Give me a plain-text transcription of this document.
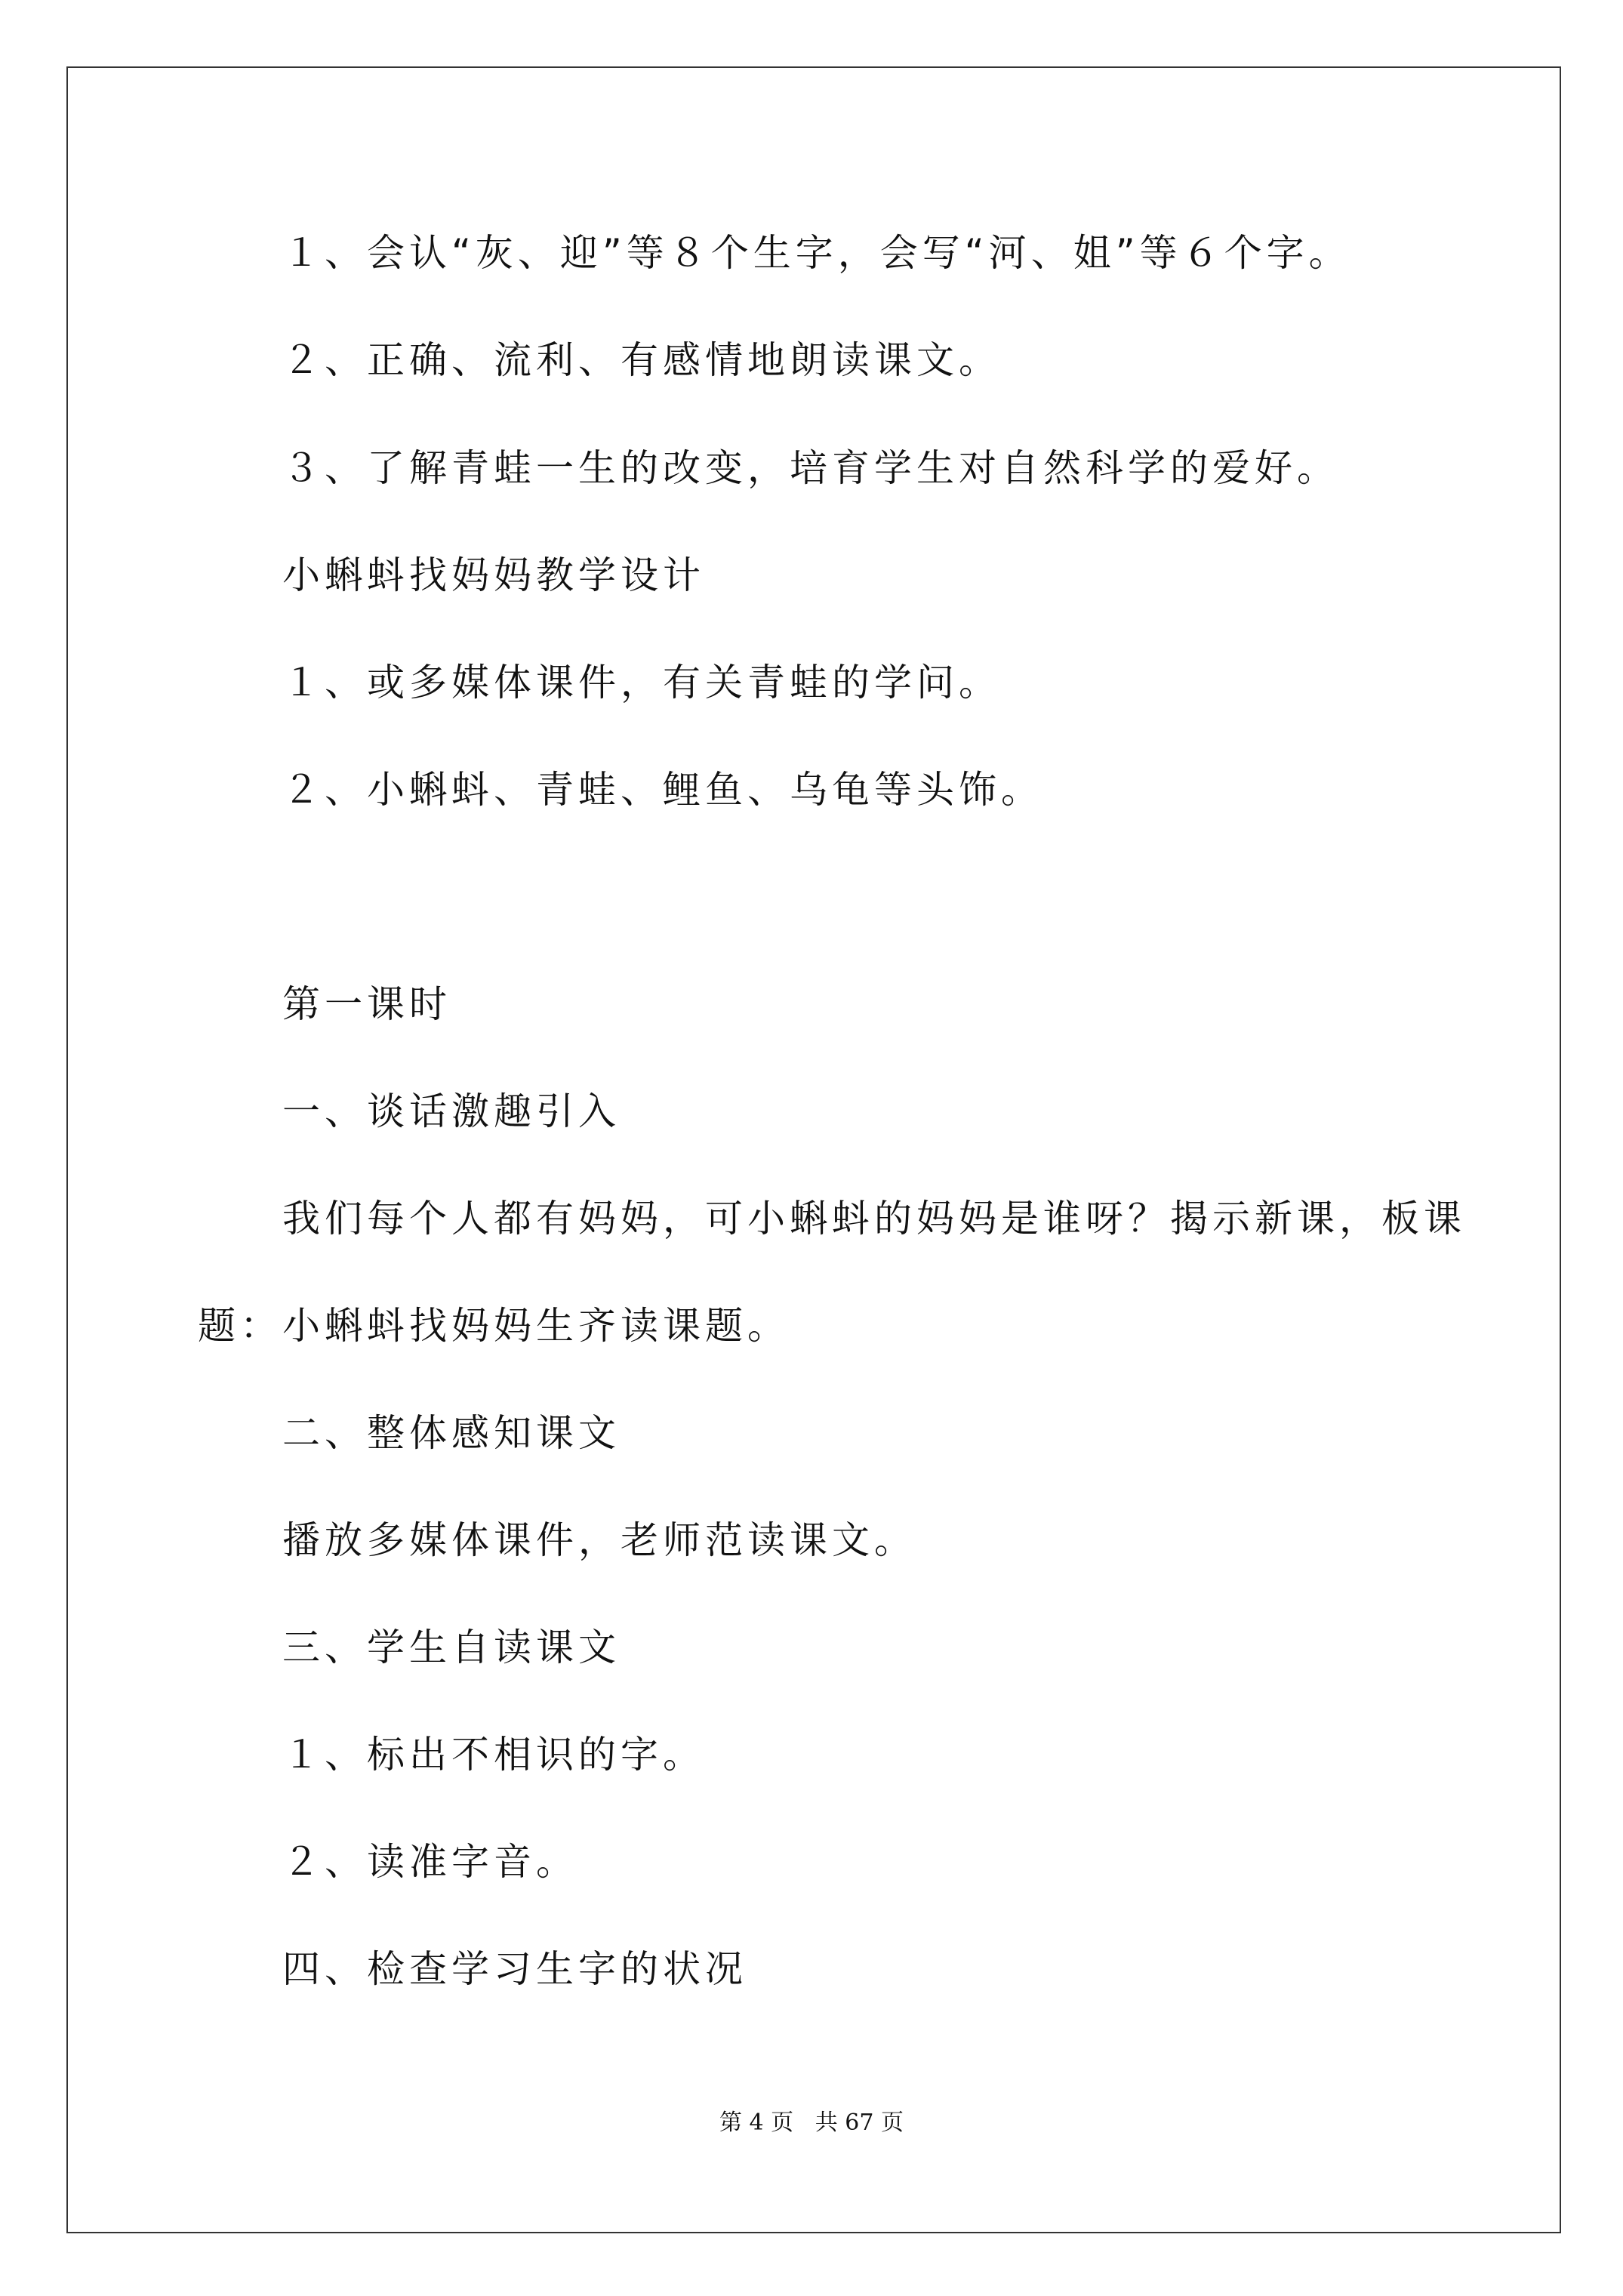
１、会认“灰、迎”等８个生字，会写“河、姐”等６个字。
２、正确、流利、有感情地朗读课文。
３、了解青蛙一生的改变，培育学生对自然科学的爱好。
小蝌蚪找妈妈教学设计
１、或多媒体课件，有关青蛙的学问。
２、小蝌蚪、青蛙、鲤鱼、乌龟等头饰。
第一课时
一、谈话激趣引入
我们每个人都有妈妈，可小蝌蚪的妈妈是谁呀？揭示新课，板课
题：小蝌蚪找妈妈生齐读课题。
二、整体感知课文
播放多媒体课件，老师范读课文。
三、学生自读课文
１、标出不相识的字。
２、读准字音。
四、检查学习生字的状况
第 4 页   共 67 页
